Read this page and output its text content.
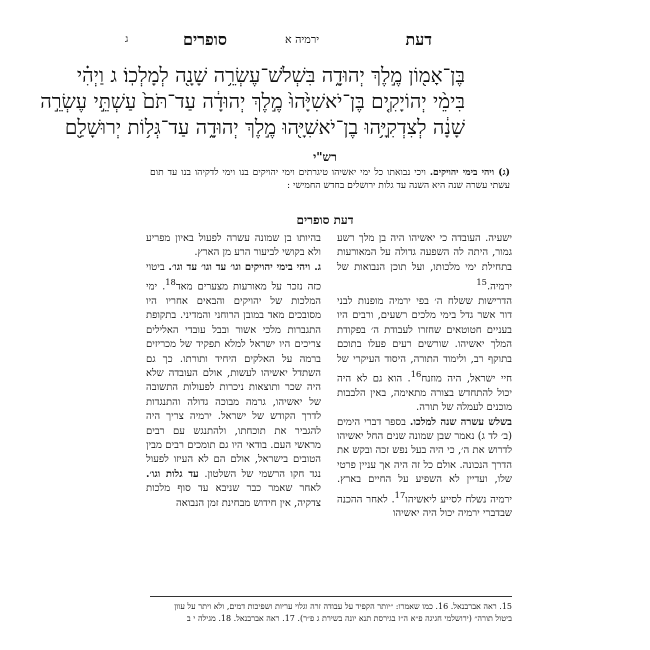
דעת
ירמיה א
סופרים
ג

בֶּן־אָמ֖וֹן מֶ֣לֶךְ יְהוּדָ֑ה בִּשְׁלֹשׁ־עֶשְׂרֵ֥ה שָׁנָ֖ה לְמָלְכֽוֹ׃ ג וַיְהִ֗י

בִּימֵ֨י יְהוֹיָקִ֤ים בֶּן־יֹאשִׁיָּ֙הוּ֙ מֶ֣לֶךְ יְהוּדָ֔ה עַד־תֹּם֙ עַשְׁתֵּ֣י עֶשְׂרֵ֣ה

שָׁנָ֔ה לְצִדְקִיָּ֥הוּ בֶן־יֹאשִׁיָּ֖הוּ מֶ֣לֶךְ יְהוּדָ֑ה עַד־גְּל֥וֹת יְרוּשָׁלַ֖͏ִם

רש"י
(ג) ויהי בימי יהויקים. ויכי נבואתו כל ימי יאשיהו טיגרתים וימי יהויקים בנו וימי לדקיהו בנו עד תום עשתי עשרה שנה היא השנה עד גלות ירושלים בחדש החמישי :
דעת סופרים

ישעיה. העובדה כי יאשיהו היה בן מלך רשע גמור, היתה לה השפעה גדולה על המאורעות בתחילת ימי מלכותו, ועל תוכן הנבואות של ירמיה.$^{15}$

הדרישות ששלח ה׳ בפי ירמיה מופנות לבני דור אשר גדל בימי מלכים רשעים, ורבים היו בעניים חטוטאים שחזרו לעבודת ה׳ בפקודת המלך יאשיהו. שורשים רעים פעלו בתוכם בתוקף רב, ולימוד התורה, היסוד העיקרי של חיי ישראל, היה מוזנח$^{16}$. הוא גם לא היה יכול להתחדש בצורה מתאימה, באין הלבבות מוכנים לעמלה של תורה.

בשלש עשרה שנה למלכו. בספר דברי הימים (ב׳ לד ג) נאמר שבן שמונה שנים החל יאשיהו לדרוש את ה׳, כי היה בעל נפש זכה ובקש את הדרך הנכונה. אולם כל זה היה אך עניין פרטי שלו, ועדיין לא השפיע על החיים בארץ. ירמיה נשלח לסייע ליאשיהו$^{17}$. לאחר ההכנה שבדברי ירמיה יכול היה יאשיהו

בהיותו בן שמונה עשרה לפעול באיון מפריע ולא בקושי לביעור הרע מן הארץ.

ג. ויהי בימי יהויקים וגו׳ עד וגו׳ עד וגו׳. ביטוי כזה נזכר על מאורעות מצערים מאד$^{18}$. ימי המלכות של יהויקים והבאים אחריו היו מסובכים מאד במובן הרוחני והמדיני. בתקופת התגברות מלכי אשור ובבל עובדי האלילים צריכים היו ישראל למלא תפקיד של מכריזים ברמה על האלקים היחיד ותורתו. כך גם השתדל יאשיהו לעשות, אולם העובדה שלא היה שכר ותוצאות ניכרות לפעולות התשובה של יאשיהו, גרמה מבוכה גדולה והתנגדות לדרך הקודש של ישראל. ירמיה צריך היה להגביר את תוכחתו, ולהתנגש עם רבים מראשי העם. בודאי היו גם תומכים רבים מבין הטובים בישראל, אולם הם לא העיזו לפעול נגד חקו הרשמי של השלטון. עד גלות וגו׳. לאחר שאמר כבר שניבא עד סוף מלכות צדקיה, אין חידוש מבחינת זמן הנבואה

15. ראה אברבנאל. 16. כמו שאמרו: ״יותר הקפיד על עבודה זרה וגלוי עריות ושפיכות דמים, ולא ויתר על עוון

ביטול תורה״ (ירושלמי חגיגה פ״א ה״ז בגירסת תנא יונה בשירת ג פ״ר). 17. ראה אברבנאל. 18. מגילה י ב
